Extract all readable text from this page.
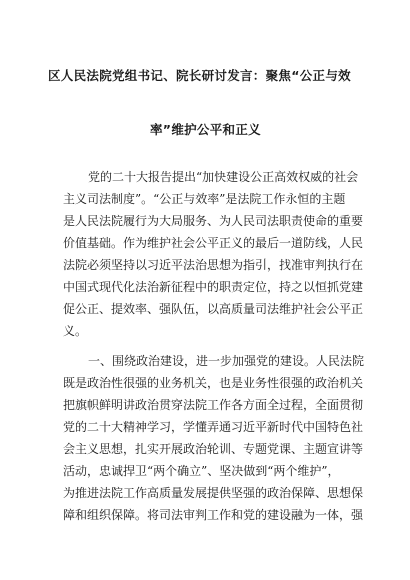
区人民法院党组书记、院长研讨发言：聚焦“公正与效
率”维护公平和正义
党的二十大报告提出“加快建设公正高效权威的社会
主义司法制度”。“公正与效率”是法院工作永恒的主题
是人民法院履行为大局服务、为人民司法职责使命的重要
价值基础。作为维护社会公平正义的最后一道防线，人民
法院必须坚持以习近平法治思想为指引，找准审判执行在
中国式现代化法治新征程中的职责定位，持之以恒抓党建
促公正、提效率、强队伍，以高质量司法维护社会公平正
义。
一、围绕政治建设，进一步加强党的建设。人民法院
既是政治性很强的业务机关，也是业务性很强的政治机关
把旗帜鲜明讲政治贯穿法院工作各方面全过程，全面贯彻
党的二十大精神学习，学懂弄通习近平新时代中国特色社
会主义思想，扎实开展政治轮训、专题党课、主题宣讲等
活动，忠诚捍卫“两个确立”、坚决做到“两个维护”，
为推进法院工作高质量发展提供坚强的政治保障、思想保
障和组织保障。将司法审判工作和党的建设融为一体，强
